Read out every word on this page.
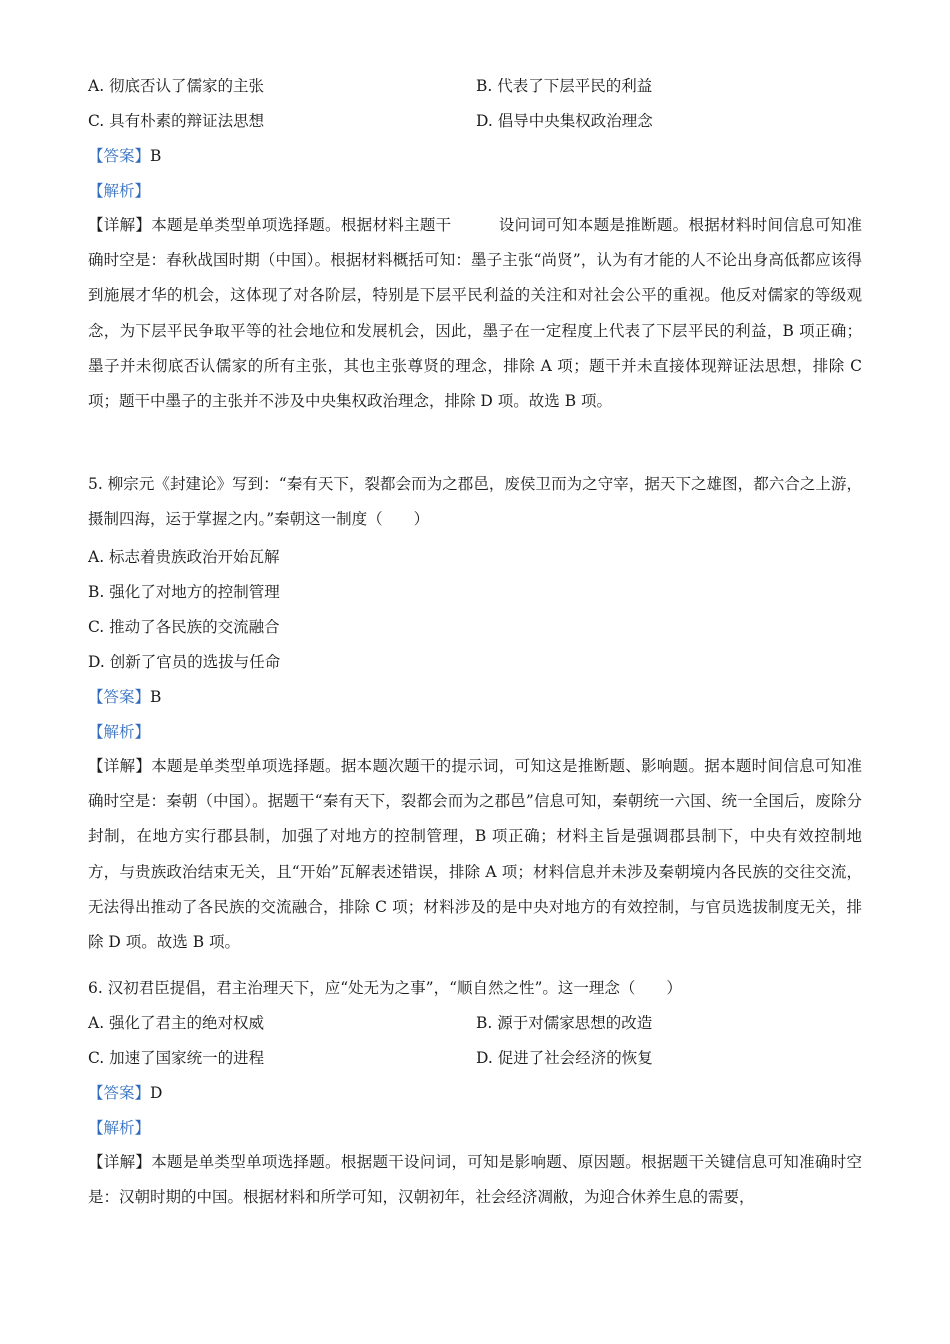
A. 彻底否认了儒家的主张	B. 代表了下层平民的利益
C. 具有朴素的辩证法思想	D. 倡导中央集权政治理念
【答案】B
【解析】
【详解】本题是单类型单项选择题。根据材料主题干　　　设问词可知本题是推断题。根据材料时间信息可知准确时空是：春秋战国时期（中国）。根据材料概括可知：墨子主张“尚贤”，认为有才能的人不论出身高低都应该得到施展才华的机会，这体现了对各阶层，特别是下层平民利益的关注和对社会公平的重视。他反对儒家的等级观念，为下层平民争取平等的社会地位和发展机会，因此，墨子在一定程度上代表了下层平民的利益，B 项正确；墨子并未彻底否认儒家的所有主张，其也主张尊贤的理念，排除 A 项；题干并未直接体现辩证法思想，排除 C 项；题干中墨子的主张并不涉及中央集权政治理念，排除 D 项。故选 B 项。
5. 柳宗元《封建论》写到：“秦有天下，裂都会而为之郡邑，废侯卫而为之守宰，据天下之雄图，都六合之上游，摄制四海，运于掌握之内。”秦朝这一制度（　　）
A. 标志着贵族政治开始瓦解
B. 强化了对地方的控制管理
C. 推动了各民族的交流融合
D. 创新了官员的选拔与任命
【答案】B
【解析】
【详解】本题是单类型单项选择题。据本题次题干的提示词，可知这是推断题、影响题。据本题时间信息可知准确时空是：秦朝（中国）。据题干“秦有天下，裂都会而为之郡邑”信息可知，秦朝统一六国、统一全国后，废除分封制，在地方实行郡县制，加强了对地方的控制管理，B 项正确；材料主旨是强调郡县制下，中央有效控制地方，与贵族政治结束无关，且“开始”瓦解表述错误，排除 A 项；材料信息并未涉及秦朝境内各民族的交往交流，无法得出推动了各民族的交流融合，排除 C 项；材料涉及的是中央对地方的有效控制，与官员选拔制度无关，排除 D 项。故选 B 项。
6. 汉初君臣提倡，君主治理天下，应“处无为之事”，“顺自然之性”。这一理念（　　）
A. 强化了君主的绝对权威	B. 源于对儒家思想的改造
C. 加速了国家统一的进程	D. 促进了社会经济的恢复
【答案】D
【解析】
【详解】本题是单类型单项选择题。根据题干设问词，可知是影响题、原因题。根据题干关键信息可知准确时空是：汉朝时期的中国。根据材料和所学可知，汉朝初年，社会经济凋敝，为迎合休养生息的需要，
